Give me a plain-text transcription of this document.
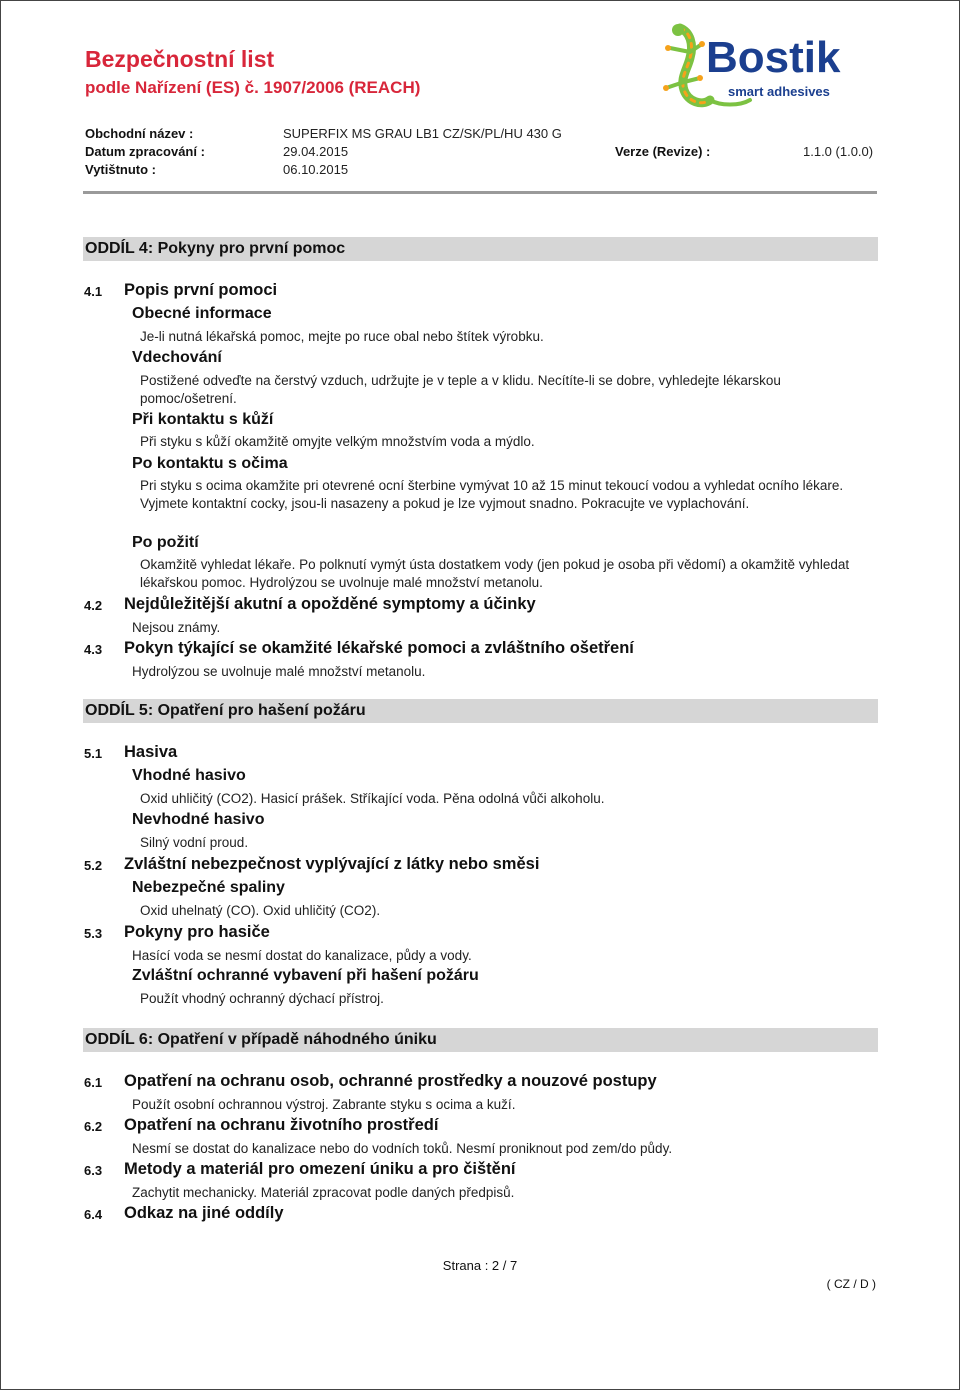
Bezpečnostní list
podle Nařízení (ES) č. 1907/2006 (REACH)
Bostik
smart adhesives
Obchodní název :	SUPERFIX MS GRAU LB1 CZ/SK/PL/HU 430 G
Datum zpracování :	29.04.2015	Verze (Revize) :	1.1.0 (1.0.0)
Vytištnuto :	06.10.2015
ODDÍL 4: Pokyny pro první pomoc
4.1 Popis první pomoci
Obecné informace
Je-li nutná lékařská pomoc, mejte po ruce obal nebo štítek výrobku.
Vdechování
Postižené odveďte na čerstvý vzduch, udržujte je v teple a v klidu. Necítíte-li se dobre, vyhledejte lékarskou pomoc/ošetrení.
Při kontaktu s kůží
Při styku s kůží okamžitě omyjte velkým množstvím voda a mýdlo.
Po kontaktu s očima
Pri styku s ocima okamžite pri otevrené ocní šterbine vymývat 10 až 15 minut tekoucí vodou a vyhledat ocního lékare. Vyjmete kontaktní cocky, jsou-li nasazeny a pokud je lze vyjmout snadno. Pokracujte ve vyplachování.
Po požití
Okamžitě vyhledat lékaře. Po polknutí vymýt ústa dostatkem vody (jen pokud je osoba při vědomí) a okamžitě vyhledat lékařskou pomoc. Hydrolýzou se uvolnuje malé množství metanolu.
4.2 Nejdůležitější akutní a opožděné symptomy a účinky
Nejsou známy.
4.3 Pokyn týkající se okamžité lékařské pomoci a zvláštního ošetření
Hydrolýzou se uvolnuje malé množství metanolu.
ODDÍL 5: Opatření pro hašení požáru
5.1 Hasiva
Vhodné hasivo
Oxid uhličitý (CO2). Hasicí prášek. Stříkající voda. Pěna odolná vůči alkoholu.
Nevhodné hasivo
Silný vodní proud.
5.2 Zvláštní nebezpečnost vyplývající z látky nebo směsi
Nebezpečné spaliny
Oxid uhelnatý (CO). Oxid uhličitý (CO2).
5.3 Pokyny pro hasiče
Hasící voda se nesmí dostat do kanalizace, půdy a vody.
Zvláštní ochranné vybavení při hašení požáru
Použít vhodný ochranný dýchací přístroj.
ODDÍL 6: Opatření v případě náhodného úniku
6.1 Opatření na ochranu osob, ochranné prostředky a nouzové postupy
Použít osobní ochrannou výstroj. Zabrante styku s ocima a kuží.
6.2 Opatření na ochranu životního prostředí
Nesmí se dostat do kanalizace nebo do vodních toků. Nesmí proniknout pod zem/do půdy.
6.3 Metody a materiál pro omezení úniku a pro čištění
Zachytit mechanicky. Materiál zpracovat podle daných předpisů.
6.4 Odkaz na jiné oddíly
Strana : 2 / 7
( CZ / D )
